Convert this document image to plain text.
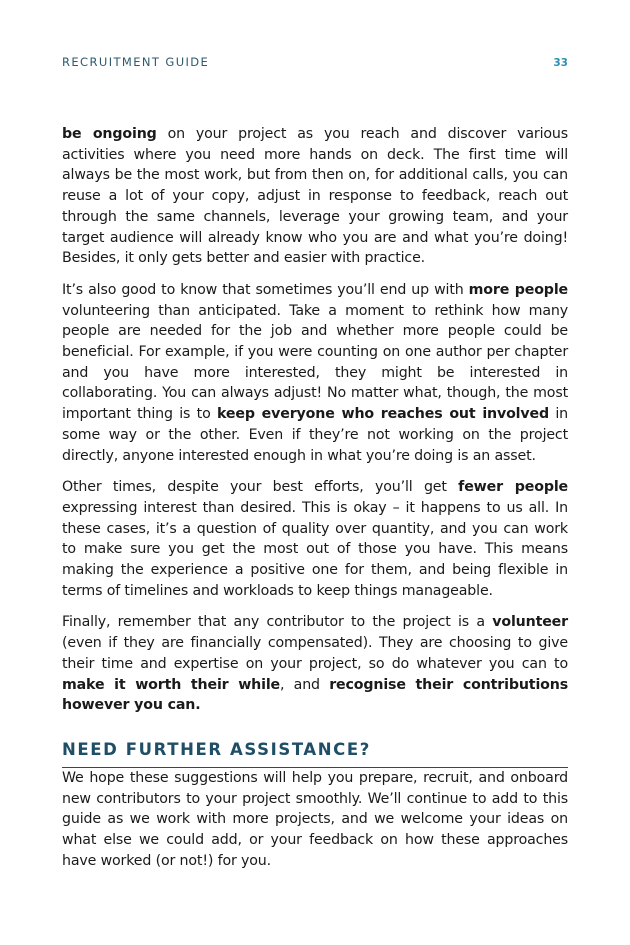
RECRUITMENT GUIDE	33

be ongoing on your project as you reach and discover various activities where you need more hands on deck. The first time will always be the most work, but from then on, for additional calls, you can reuse a lot of your copy, adjust in response to feedback, reach out through the same channels, leverage your growing team, and your target audience will already know who you are and what you’re doing! Besides, it only gets better and easier with practice.

It’s also good to know that sometimes you’ll end up with more people volunteering than anticipated. Take a moment to rethink how many people are needed for the job and whether more people could be beneficial. For example, if you were counting on one author per chapter and you have more interested, they might be interested in collaborating. You can always adjust! No matter what, though, the most important thing is to keep everyone who reaches out involved in some way or the other. Even if they’re not working on the project directly, anyone interested enough in what you’re doing is an asset.

Other times, despite your best efforts, you’ll get fewer people expressing interest than desired. This is okay – it happens to us all. In these cases, it’s a question of quality over quantity, and you can work to make sure you get the most out of those you have. This means making the experience a positive one for them, and being flexible in terms of timelines and workloads to keep things manageable.

Finally, remember that any contributor to the project is a volunteer (even if they are financially compensated). They are choosing to give their time and expertise on your project, so do whatever you can to make it worth their while, and recognise their contributions however you can.

NEED FURTHER ASSISTANCE?

We hope these suggestions will help you prepare, recruit, and onboard new contributors to your project smoothly. We’ll continue to add to this guide as we work with more projects, and we welcome your ideas on what else we could add, or your feedback on how these approaches have worked (or not!) for you.
